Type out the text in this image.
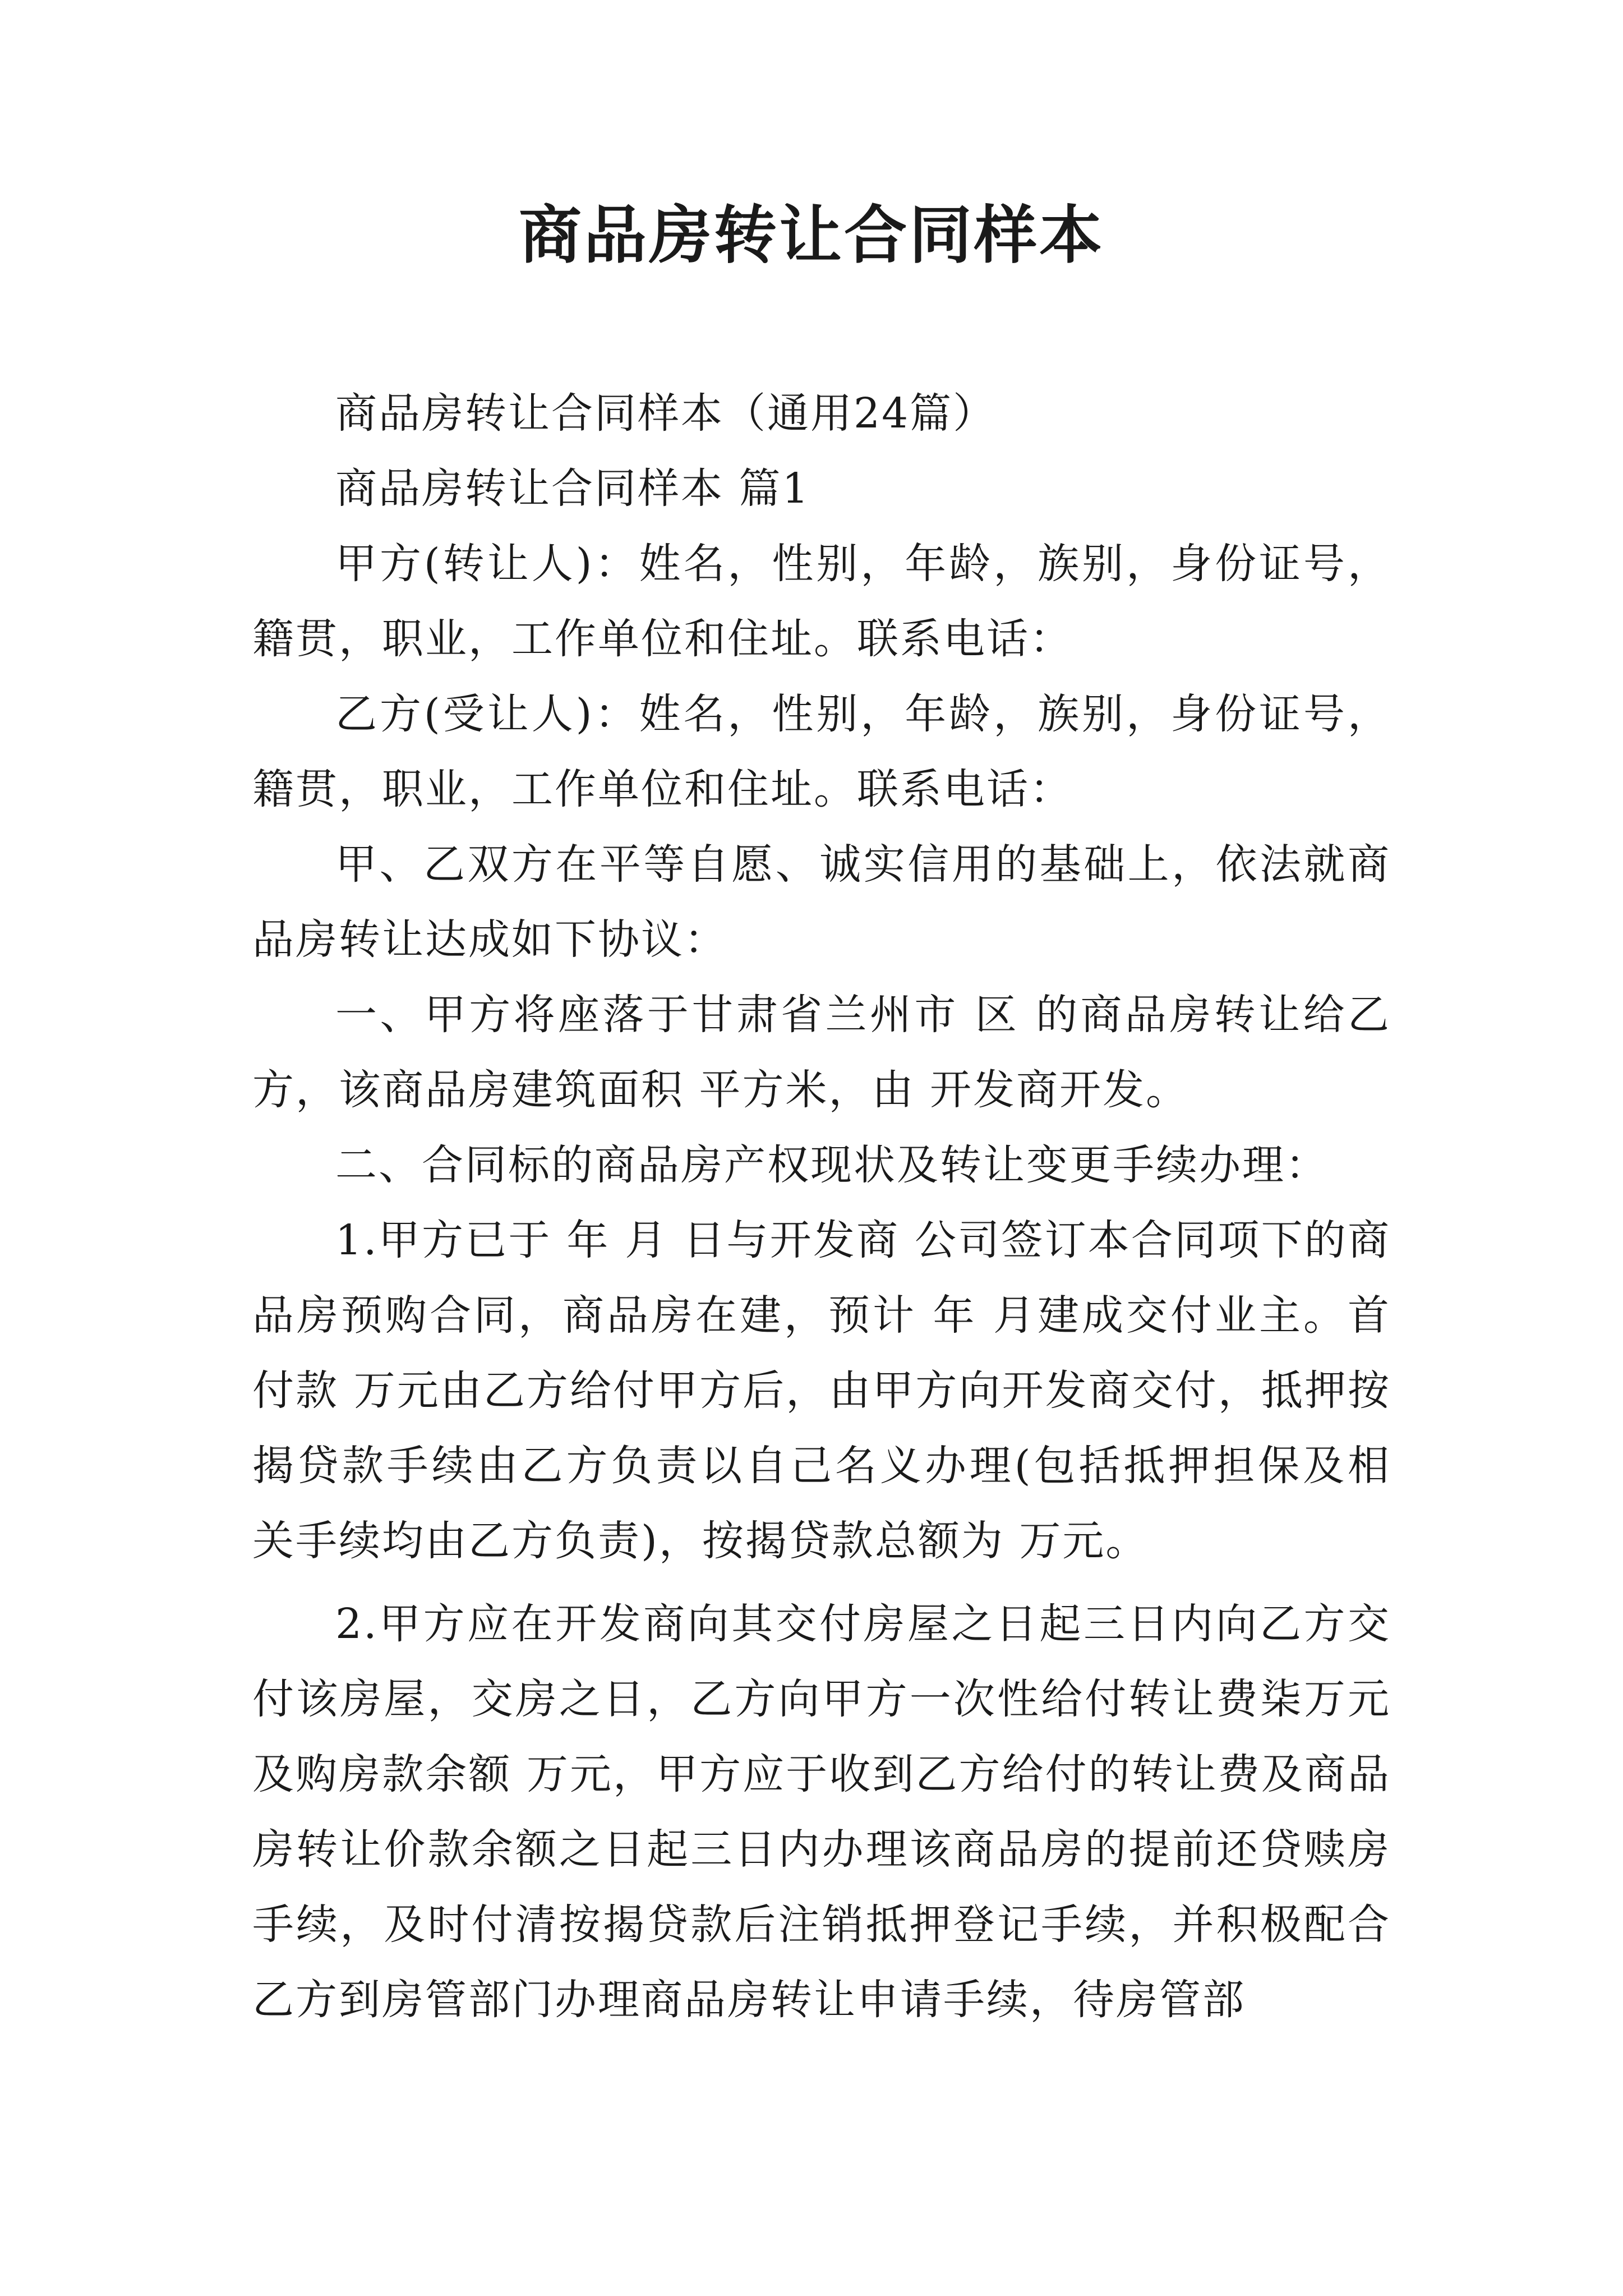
商品房转让合同样本

商品房转让合同样本（通用24篇）

商品房转让合同样本 篇1

甲方(转让人)：姓名，性别，年龄，族别，身份证号，籍贯，职业，工作单位和住址。联系电话：

乙方(受让人)：姓名，性别，年龄，族别，身份证号，籍贯，职业，工作单位和住址。联系电话：

甲、乙双方在平等自愿、诚实信用的基础上，依法就商品房转让达成如下协议：

一、甲方将座落于甘肃省兰州市 区 的商品房转让给乙方，该商品房建筑面积 平方米，由 开发商开发。

二、合同标的商品房产权现状及转让变更手续办理：

1.甲方已于 年 月 日与开发商 公司签订本合同项下的商品房预购合同，商品房在建，预计 年 月建成交付业主。首付款 万元由乙方给付甲方后，由甲方向开发商交付，抵押按揭贷款手续由乙方负责以自己名义办理(包括抵押担保及相关手续均由乙方负责)，按揭贷款总额为 万元。

2.甲方应在开发商向其交付房屋之日起三日内向乙方交付该房屋，交房之日，乙方向甲方一次性给付转让费柒万元及购房款余额 万元，甲方应于收到乙方给付的转让费及商品房转让价款余额之日起三日内办理该商品房的提前还贷赎房手续，及时付清按揭贷款后注销抵押登记手续，并积极配合乙方到房管部门办理商品房转让申请手续，待房管部
